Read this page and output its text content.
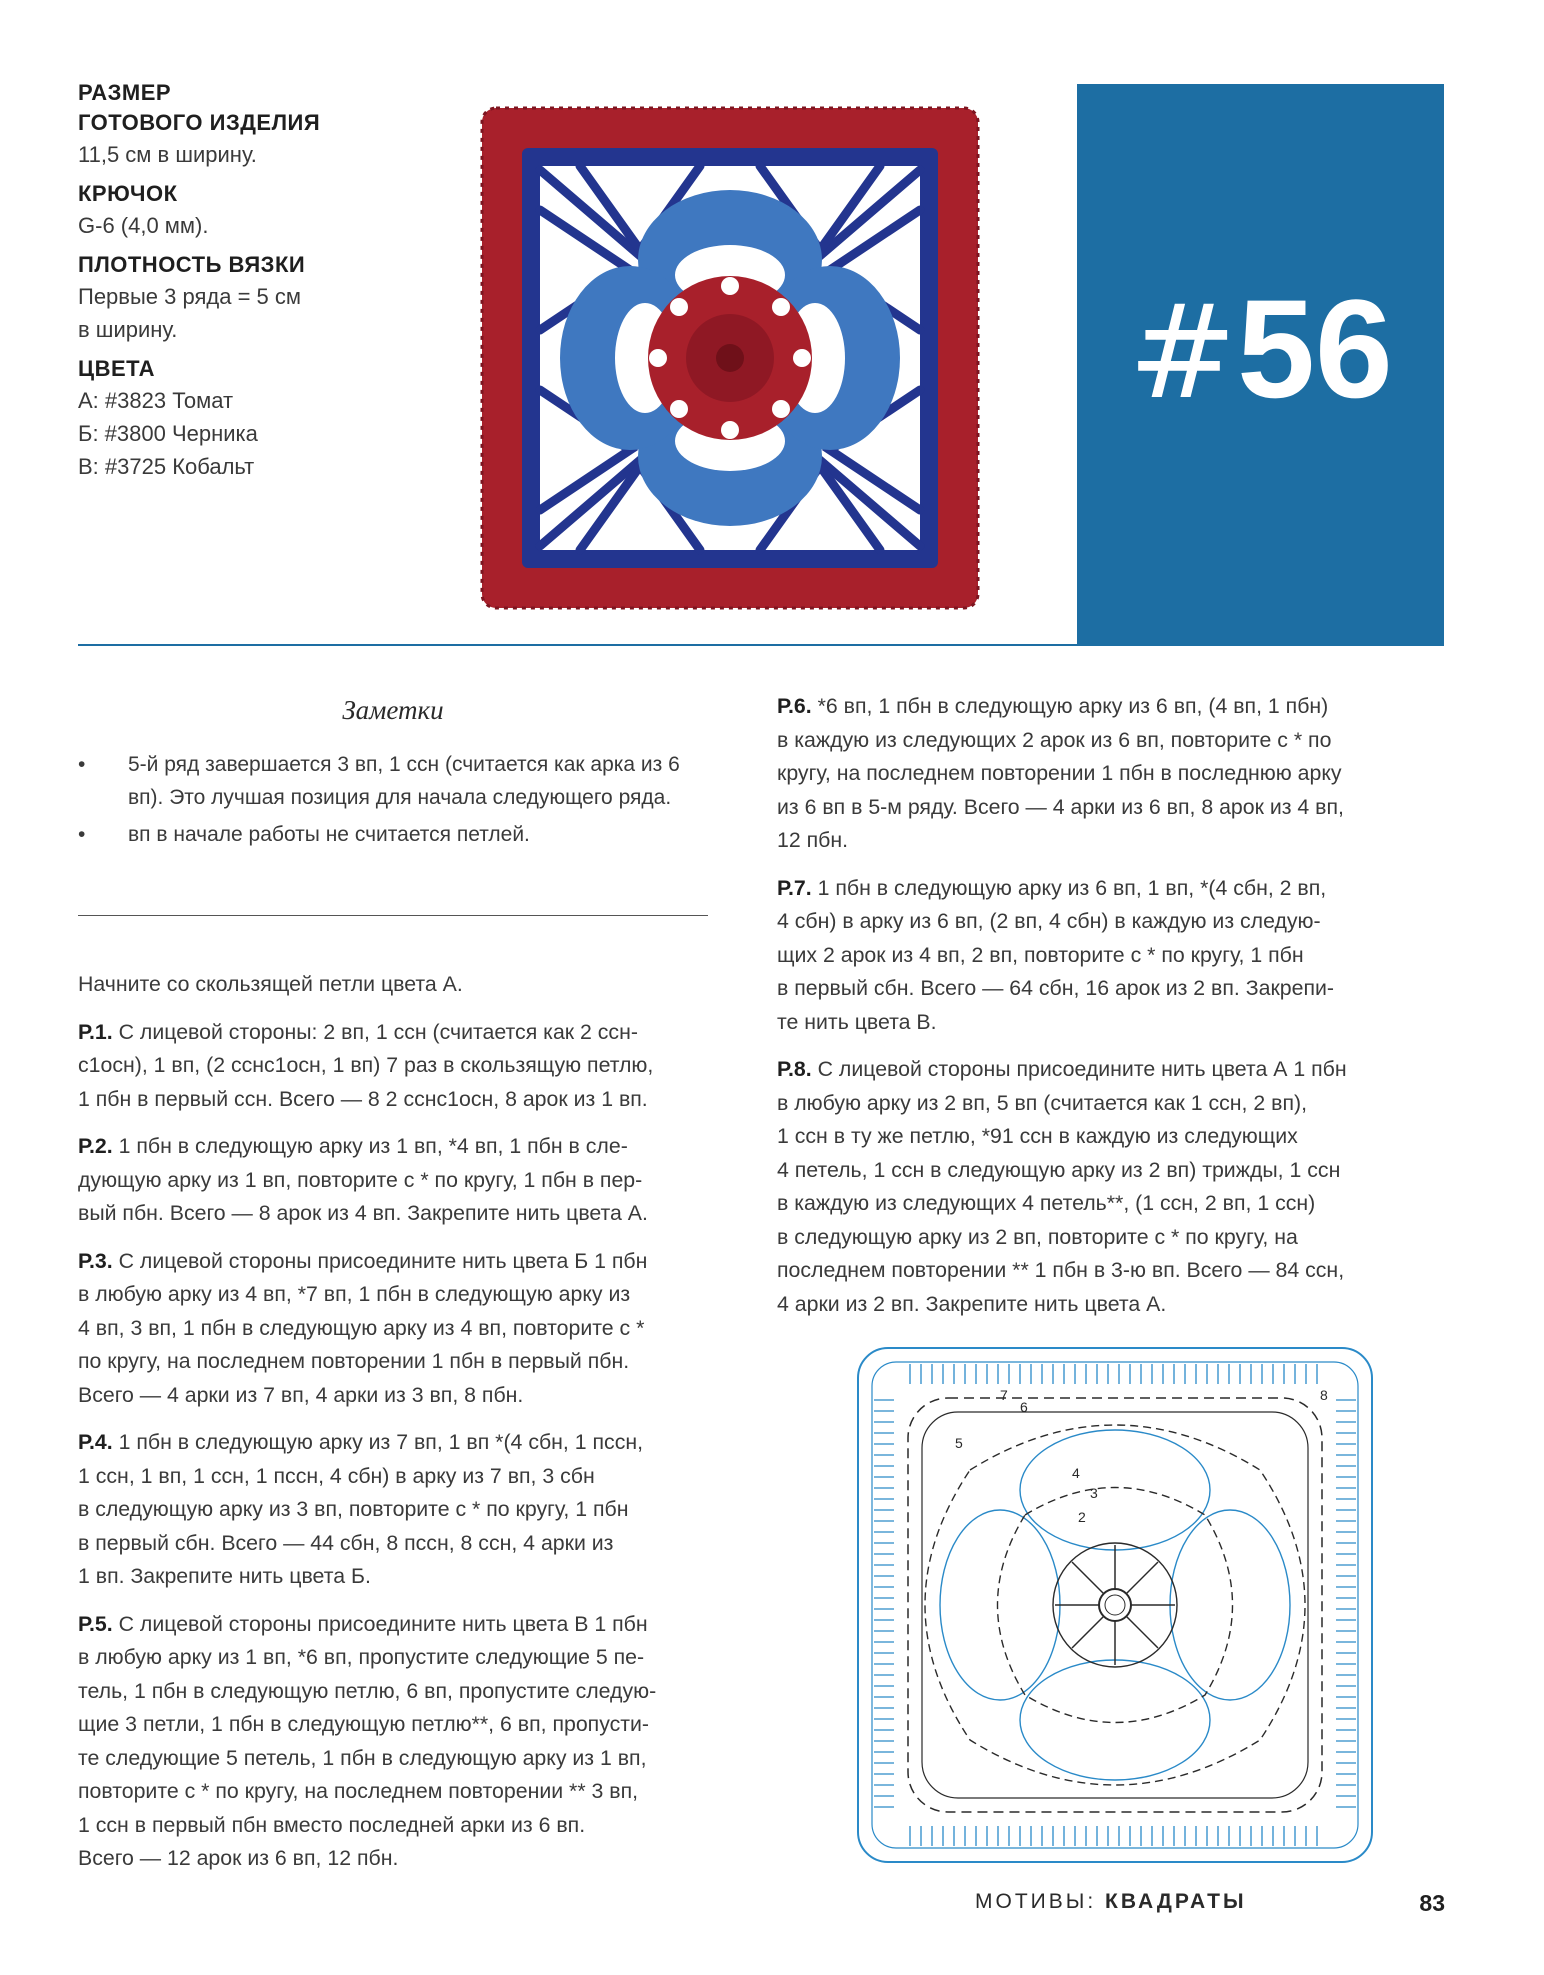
РАЗМЕР
ГОТОВОГО ИЗДЕЛИЯ
11,5 см в ширину.
КРЮЧОК
G-6 (4,0 мм).
ПЛОТНОСТЬ ВЯЗКИ
Первые 3 ряда = 5 см
в ширину.
ЦВЕТА
А: #3823 Томат
Б: #3800 Черника
В: #3725 Кобальт
#56
Заметки
• 5-й ряд завершается 3 вп, 1 ссн (считается как арка из 6 вп). Это лучшая позиция для начала следующего ряда.
• вп в начале работы не считается петлей.

Начните со скользящей петли цвета А.

Р.1. С лицевой стороны: 2 вп, 1 ссн (считается как 2 ссн-
с1осн), 1 вп, (2 сснс1осн, 1 вп) 7 раз в скользящую петлю,
1 пбн в первый ссн. Всего — 8 2 сснс1осн, 8 арок из 1 вп.

Р.2. 1 пбн в следующую арку из 1 вп, *4 вп, 1 пбн в сле-
дующую арку из 1 вп, повторите с * по кругу, 1 пбн в пер-
вый пбн. Всего — 8 арок из 4 вп. Закрепите нить цвета А.

Р.3. С лицевой стороны присоедините нить цвета Б 1 пбн
в любую арку из 4 вп, *7 вп, 1 пбн в следующую арку из
4 вп, 3 вп, 1 пбн в следующую арку из 4 вп, повторите с *
по кругу, на последнем повторении 1 пбн в первый пбн.
Всего — 4 арки из 7 вп, 4 арки из 3 вп, 8 пбн.

Р.4. 1 пбн в следующую арку из 7 вп, 1 вп *(4 сбн, 1 пссн,
1 ссн, 1 вп, 1 ссн, 1 пссн, 4 сбн) в арку из 7 вп, 3 сбн
в следующую арку из 3 вп, повторите с * по кругу, 1 пбн
в первый сбн. Всего — 44 сбн, 8 пссн, 8 ссн, 4 арки из
1 вп. Закрепите нить цвета Б.

Р.5. С лицевой стороны присоедините нить цвета В 1 пбн
в любую арку из 1 вп, *6 вп, пропустите следующие 5 пе-
тель, 1 пбн в следующую петлю, 6 вп, пропустите следую-
щие 3 петли, 1 пбн в следующую петлю**, 6 вп, пропусти-
те следующие 5 петель, 1 пбн в следующую арку из 1 вп,
повторите с * по кругу, на последнем повторении ** 3 вп,
1 ссн в первый пбн вместо последней арки из 6 вп.
Всего — 12 арок из 6 вп, 12 пбн.

Р.6. *6 вп, 1 пбн в следующую арку из 6 вп, (4 вп, 1 пбн)
в каждую из следующих 2 арок из 6 вп, повторите с * по
кругу, на последнем повторении 1 пбн в последнюю арку
из 6 вп в 5-м ряду. Всего — 4 арки из 6 вп, 8 арок из 4 вп,
12 пбн.

Р.7. 1 пбн в следующую арку из 6 вп, 1 вп, *(4 сбн, 2 вп,
4 сбн) в арку из 6 вп, (2 вп, 4 сбн) в каждую из следую-
щих 2 арок из 4 вп, 2 вп, повторите с * по кругу, 1 пбн
в первый сбн. Всего — 64 сбн, 16 арок из 2 вп. Закрепи-
те нить цвета В.

Р.8. С лицевой стороны присоедините нить цвета А 1 пбн
в любую арку из 2 вп, 5 вп (считается как 1 ссн, 2 вп),
1 ссн в ту же петлю, *91 ссн в каждую из следующих
4 петель, 1 ссн в следующую арку из 2 вп) трижды, 1 ссн
в каждую из следующих 4 петель**, (1 ссн, 2 вп, 1 ссн)
в следующую арку из 2 вп, повторите с * по кругу, на
последнем повторении ** 1 пбн в 3-ю вп. Всего — 84 ссн,
4 арки из 2 вп. Закрепите нить цвета А.

2
3
4
5
6
7	8
МОТИВЫ: КВАДРАТЫ	83
